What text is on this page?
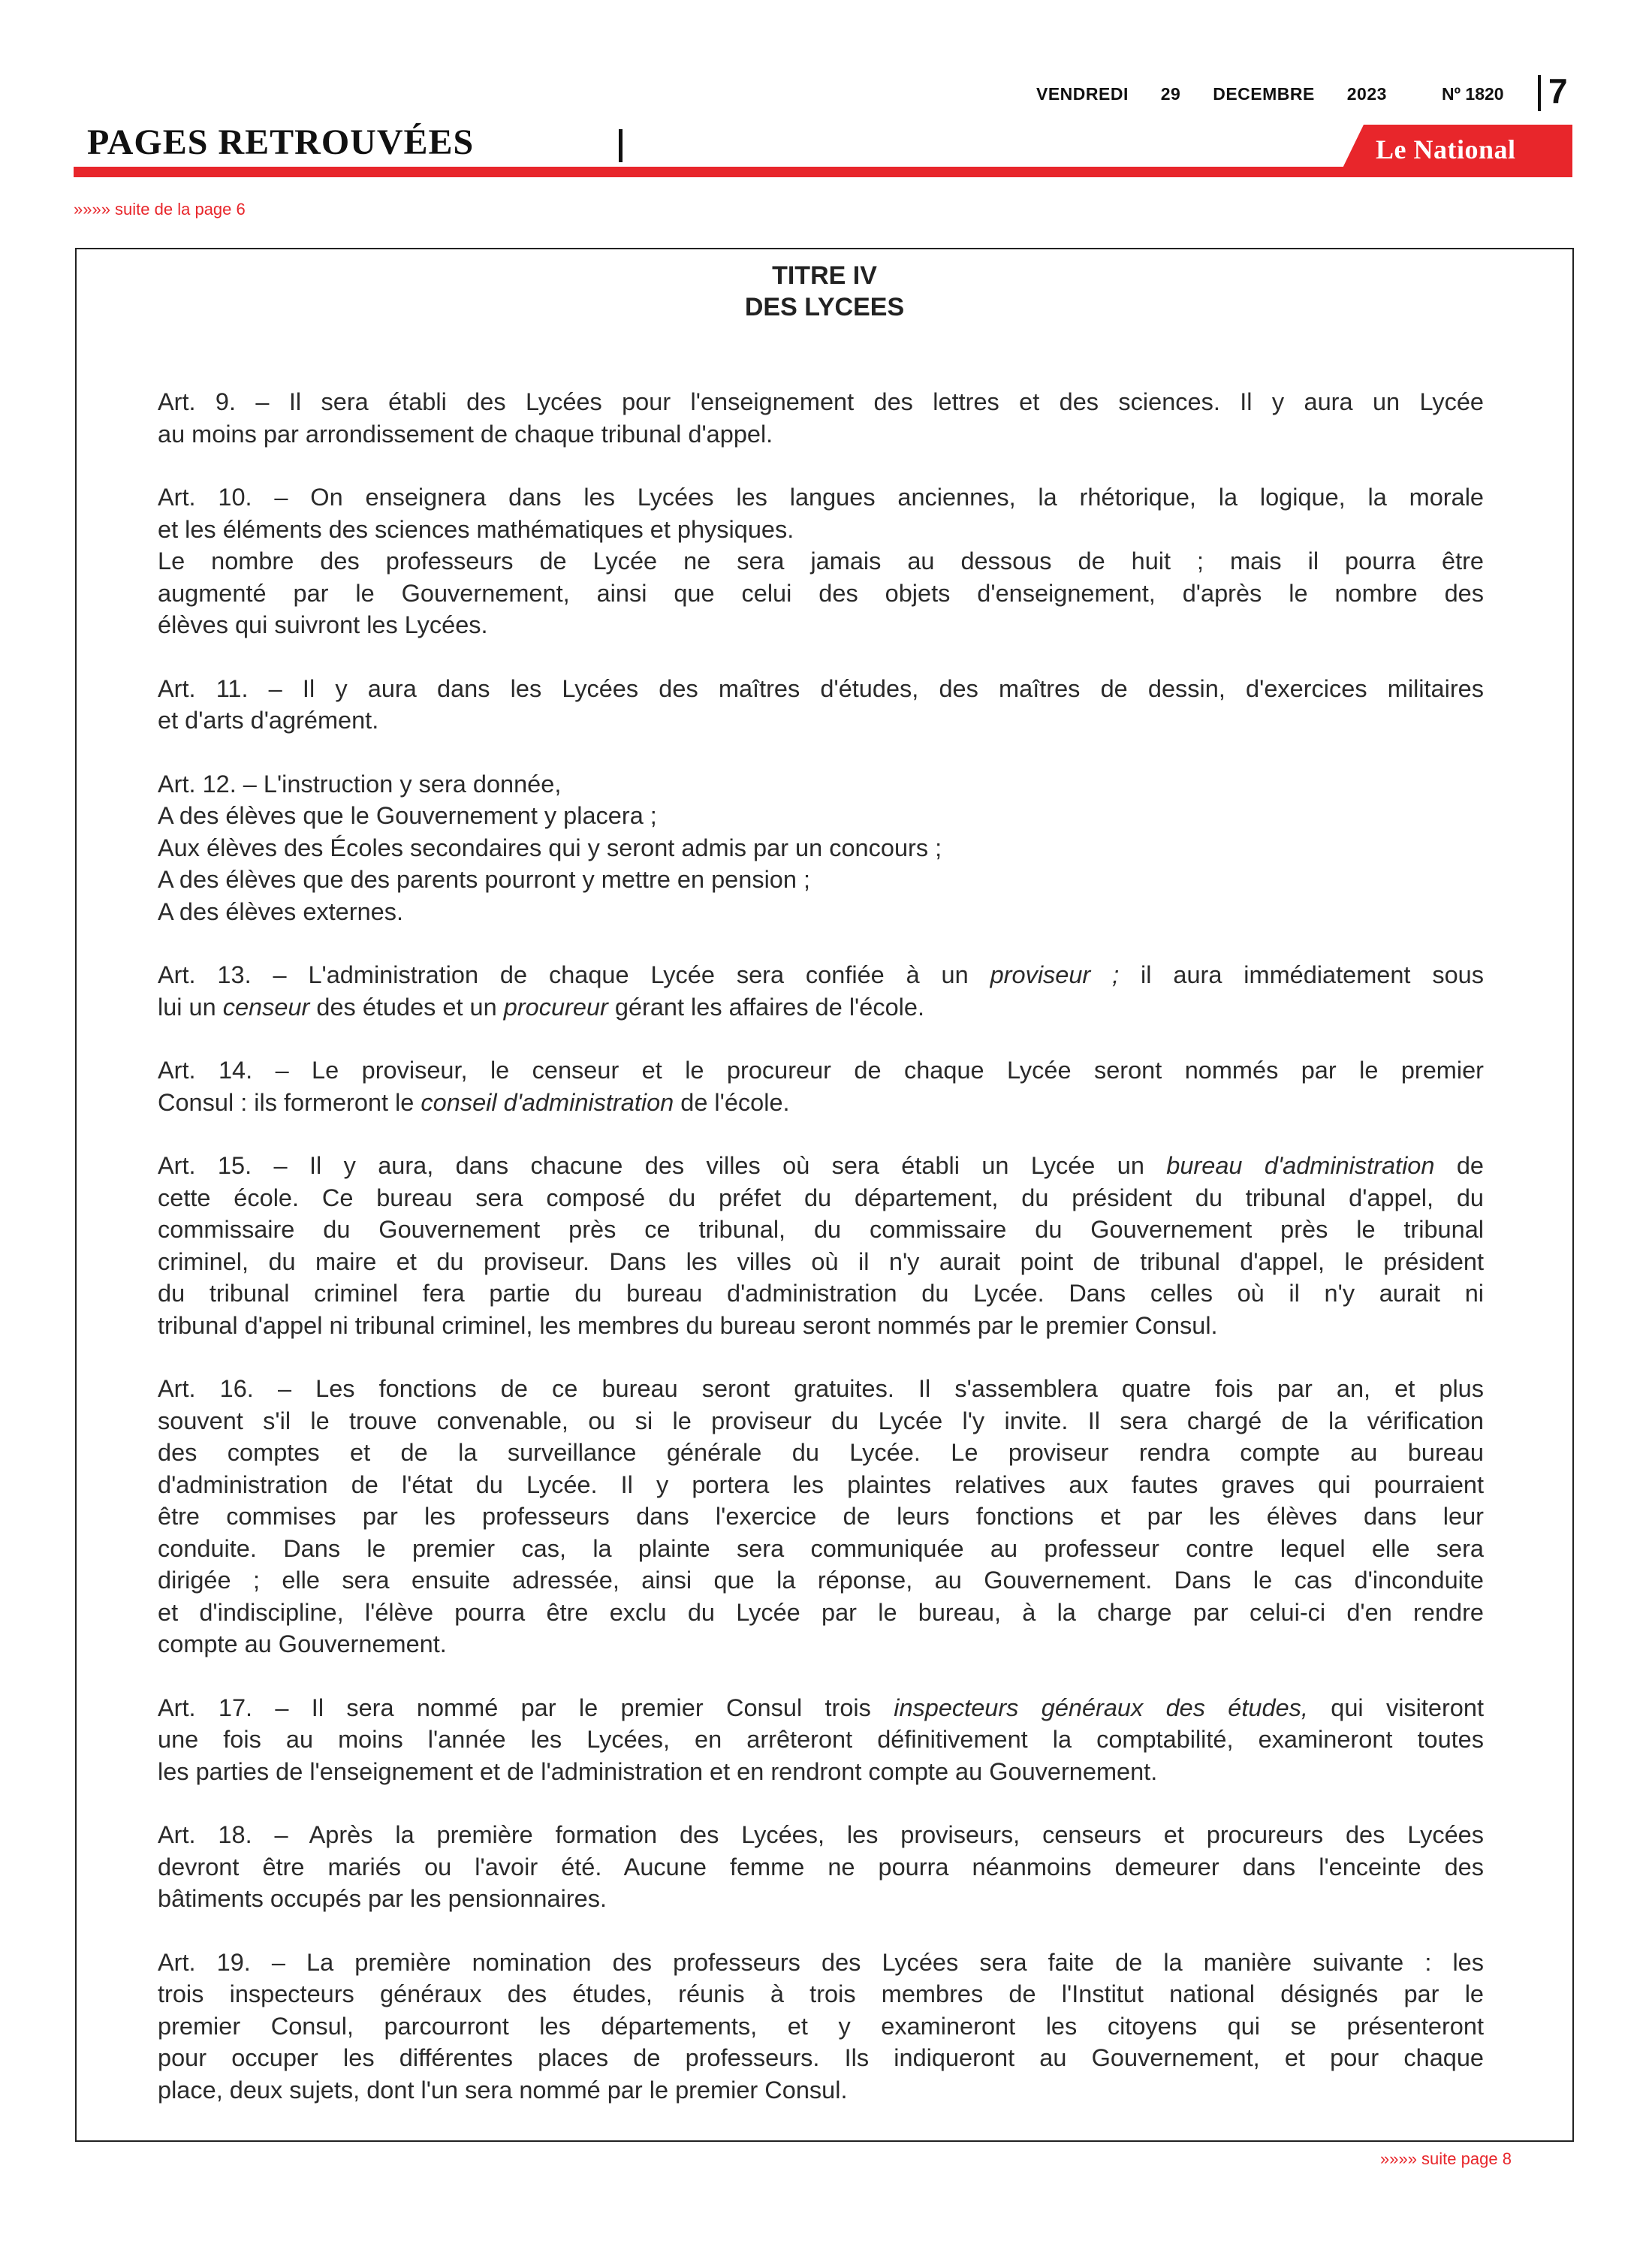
VENDREDI 29 DECEMBRE 2023	Nº 1820 7
PAGES RETROUVÉES	Le National
»»»» suite de la page 6
TITRE IV
DES LYCEES

Art. 9. – Il sera établi des Lycées pour l'enseignement des lettres et des sciences. Il y aura un Lycée
au moins par arrondissement de chaque tribunal d'appel.

Art. 10. – On enseignera dans les Lycées les langues anciennes, la rhétorique, la logique, la morale
et les éléments des sciences mathématiques et physiques.
Le nombre des professeurs de Lycée ne sera jamais au dessous de huit ; mais il pourra être
augmenté par le Gouvernement, ainsi que celui des objets d'enseignement, d'après le nombre des
élèves qui suivront les Lycées.

Art. 11. – Il y aura dans les Lycées des maîtres d'études, des maîtres de dessin, d'exercices militaires
et d'arts d'agrément.

Art. 12. – L'instruction y sera donnée,
A des élèves que le Gouvernement y placera ;
Aux élèves des Écoles secondaires qui y seront admis par un concours ;
A des élèves que des parents pourront y mettre en pension ;
A des élèves externes.

Art. 13. – L'administration de chaque Lycée sera confiée à un proviseur ; il aura immédiatement sous
lui un censeur des études et un procureur gérant les affaires de l'école.

Art. 14. – Le proviseur, le censeur et le procureur de chaque Lycée seront nommés par le premier
Consul : ils formeront le conseil d'administration de l'école.

Art. 15. – Il y aura, dans chacune des villes où sera établi un Lycée un bureau d'administration de
cette école. Ce bureau sera composé du préfet du département, du président du tribunal d'appel, du
commissaire du Gouvernement près ce tribunal, du commissaire du Gouvernement près le tribunal
criminel, du maire et du proviseur. Dans les villes où il n'y aurait point de tribunal d'appel, le président
du tribunal criminel fera partie du bureau d'administration du Lycée. Dans celles où il n'y aurait ni
tribunal d'appel ni tribunal criminel, les membres du bureau seront nommés par le premier Consul.

Art. 16. – Les fonctions de ce bureau seront gratuites. Il s'assemblera quatre fois par an, et plus
souvent s'il le trouve convenable, ou si le proviseur du Lycée l'y invite. Il sera chargé de la vérification
des comptes et de la surveillance générale du Lycée. Le proviseur rendra compte au bureau
d'administration de l'état du Lycée. Il y portera les plaintes relatives aux fautes graves qui pourraient
être commises par les professeurs dans l'exercice de leurs fonctions et par les élèves dans leur
conduite. Dans le premier cas, la plainte sera communiquée au professeur contre lequel elle sera
dirigée ; elle sera ensuite adressée, ainsi que la réponse, au Gouvernement. Dans le cas d'inconduite
et d'indiscipline, l'élève pourra être exclu du Lycée par le bureau, à la charge par celui-ci d'en rendre
compte au Gouvernement.

Art. 17. – Il sera nommé par le premier Consul trois inspecteurs généraux des études, qui visiteront
une fois au moins l'année les Lycées, en arrêteront définitivement la comptabilité, examineront toutes
les parties de l'enseignement et de l'administration et en rendront compte au Gouvernement.

Art. 18. – Après la première formation des Lycées, les proviseurs, censeurs et procureurs des Lycées
devront être mariés ou l'avoir été. Aucune femme ne pourra néanmoins demeurer dans l'enceinte des
bâtiments occupés par les pensionnaires.

Art. 19. – La première nomination des professeurs des Lycées sera faite de la manière suivante : les
trois inspecteurs généraux des études, réunis à trois membres de l'Institut national désignés par le
premier Consul, parcourront les départements, et y examineront les citoyens qui se présenteront
pour occuper les différentes places de professeurs. Ils indiqueront au Gouvernement, et pour chaque
place, deux sujets, dont l'un sera nommé par le premier Consul.

»»»» suite page 8
